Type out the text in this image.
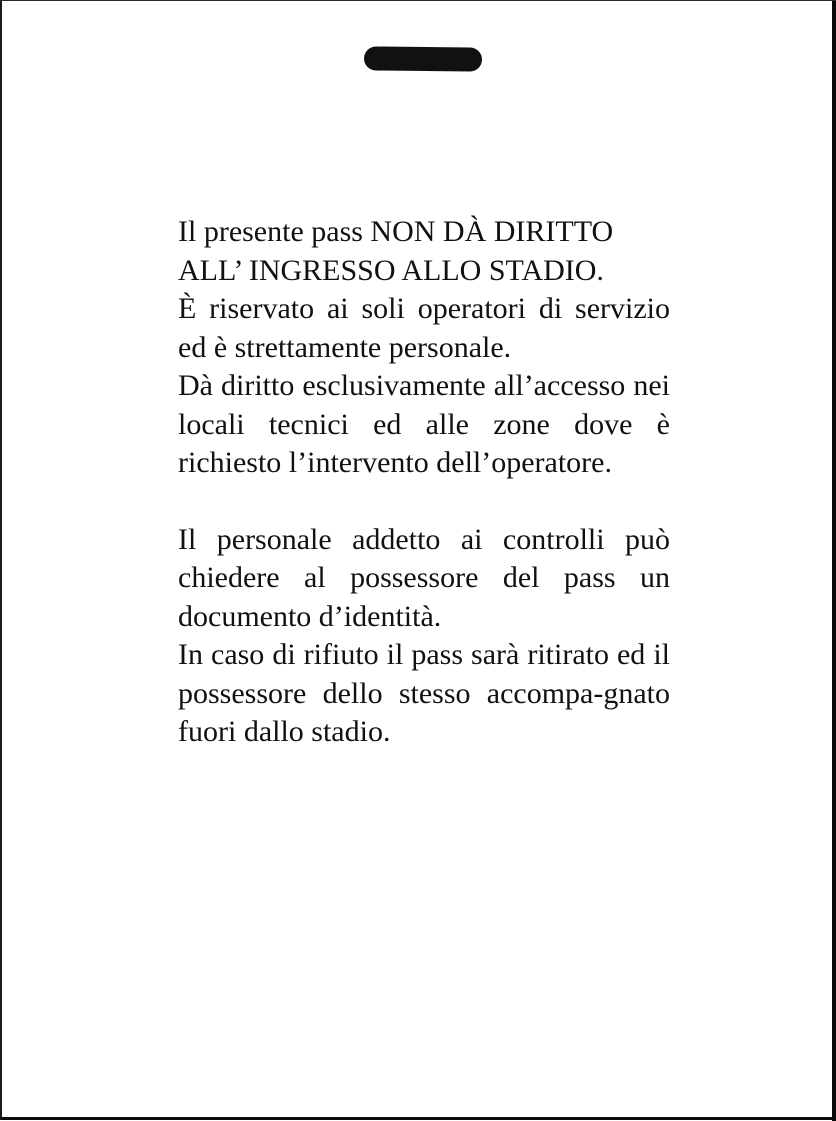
Il presente pass NON DÀ DIRITTO

ALL’ INGRESSO ALLO STADIO.

È riservato ai soli operatori di servizio ed è strettamente personale.

Dà diritto esclusivamente all’accesso nei locali tecnici ed alle zone dove è richiesto l’intervento dell’operatore.

Il personale addetto ai controlli può chiedere al possessore del pass un documento d’identità.

In caso di rifiuto il pass sarà ritirato ed il possessore dello stesso accompa-gnato fuori dallo stadio.
